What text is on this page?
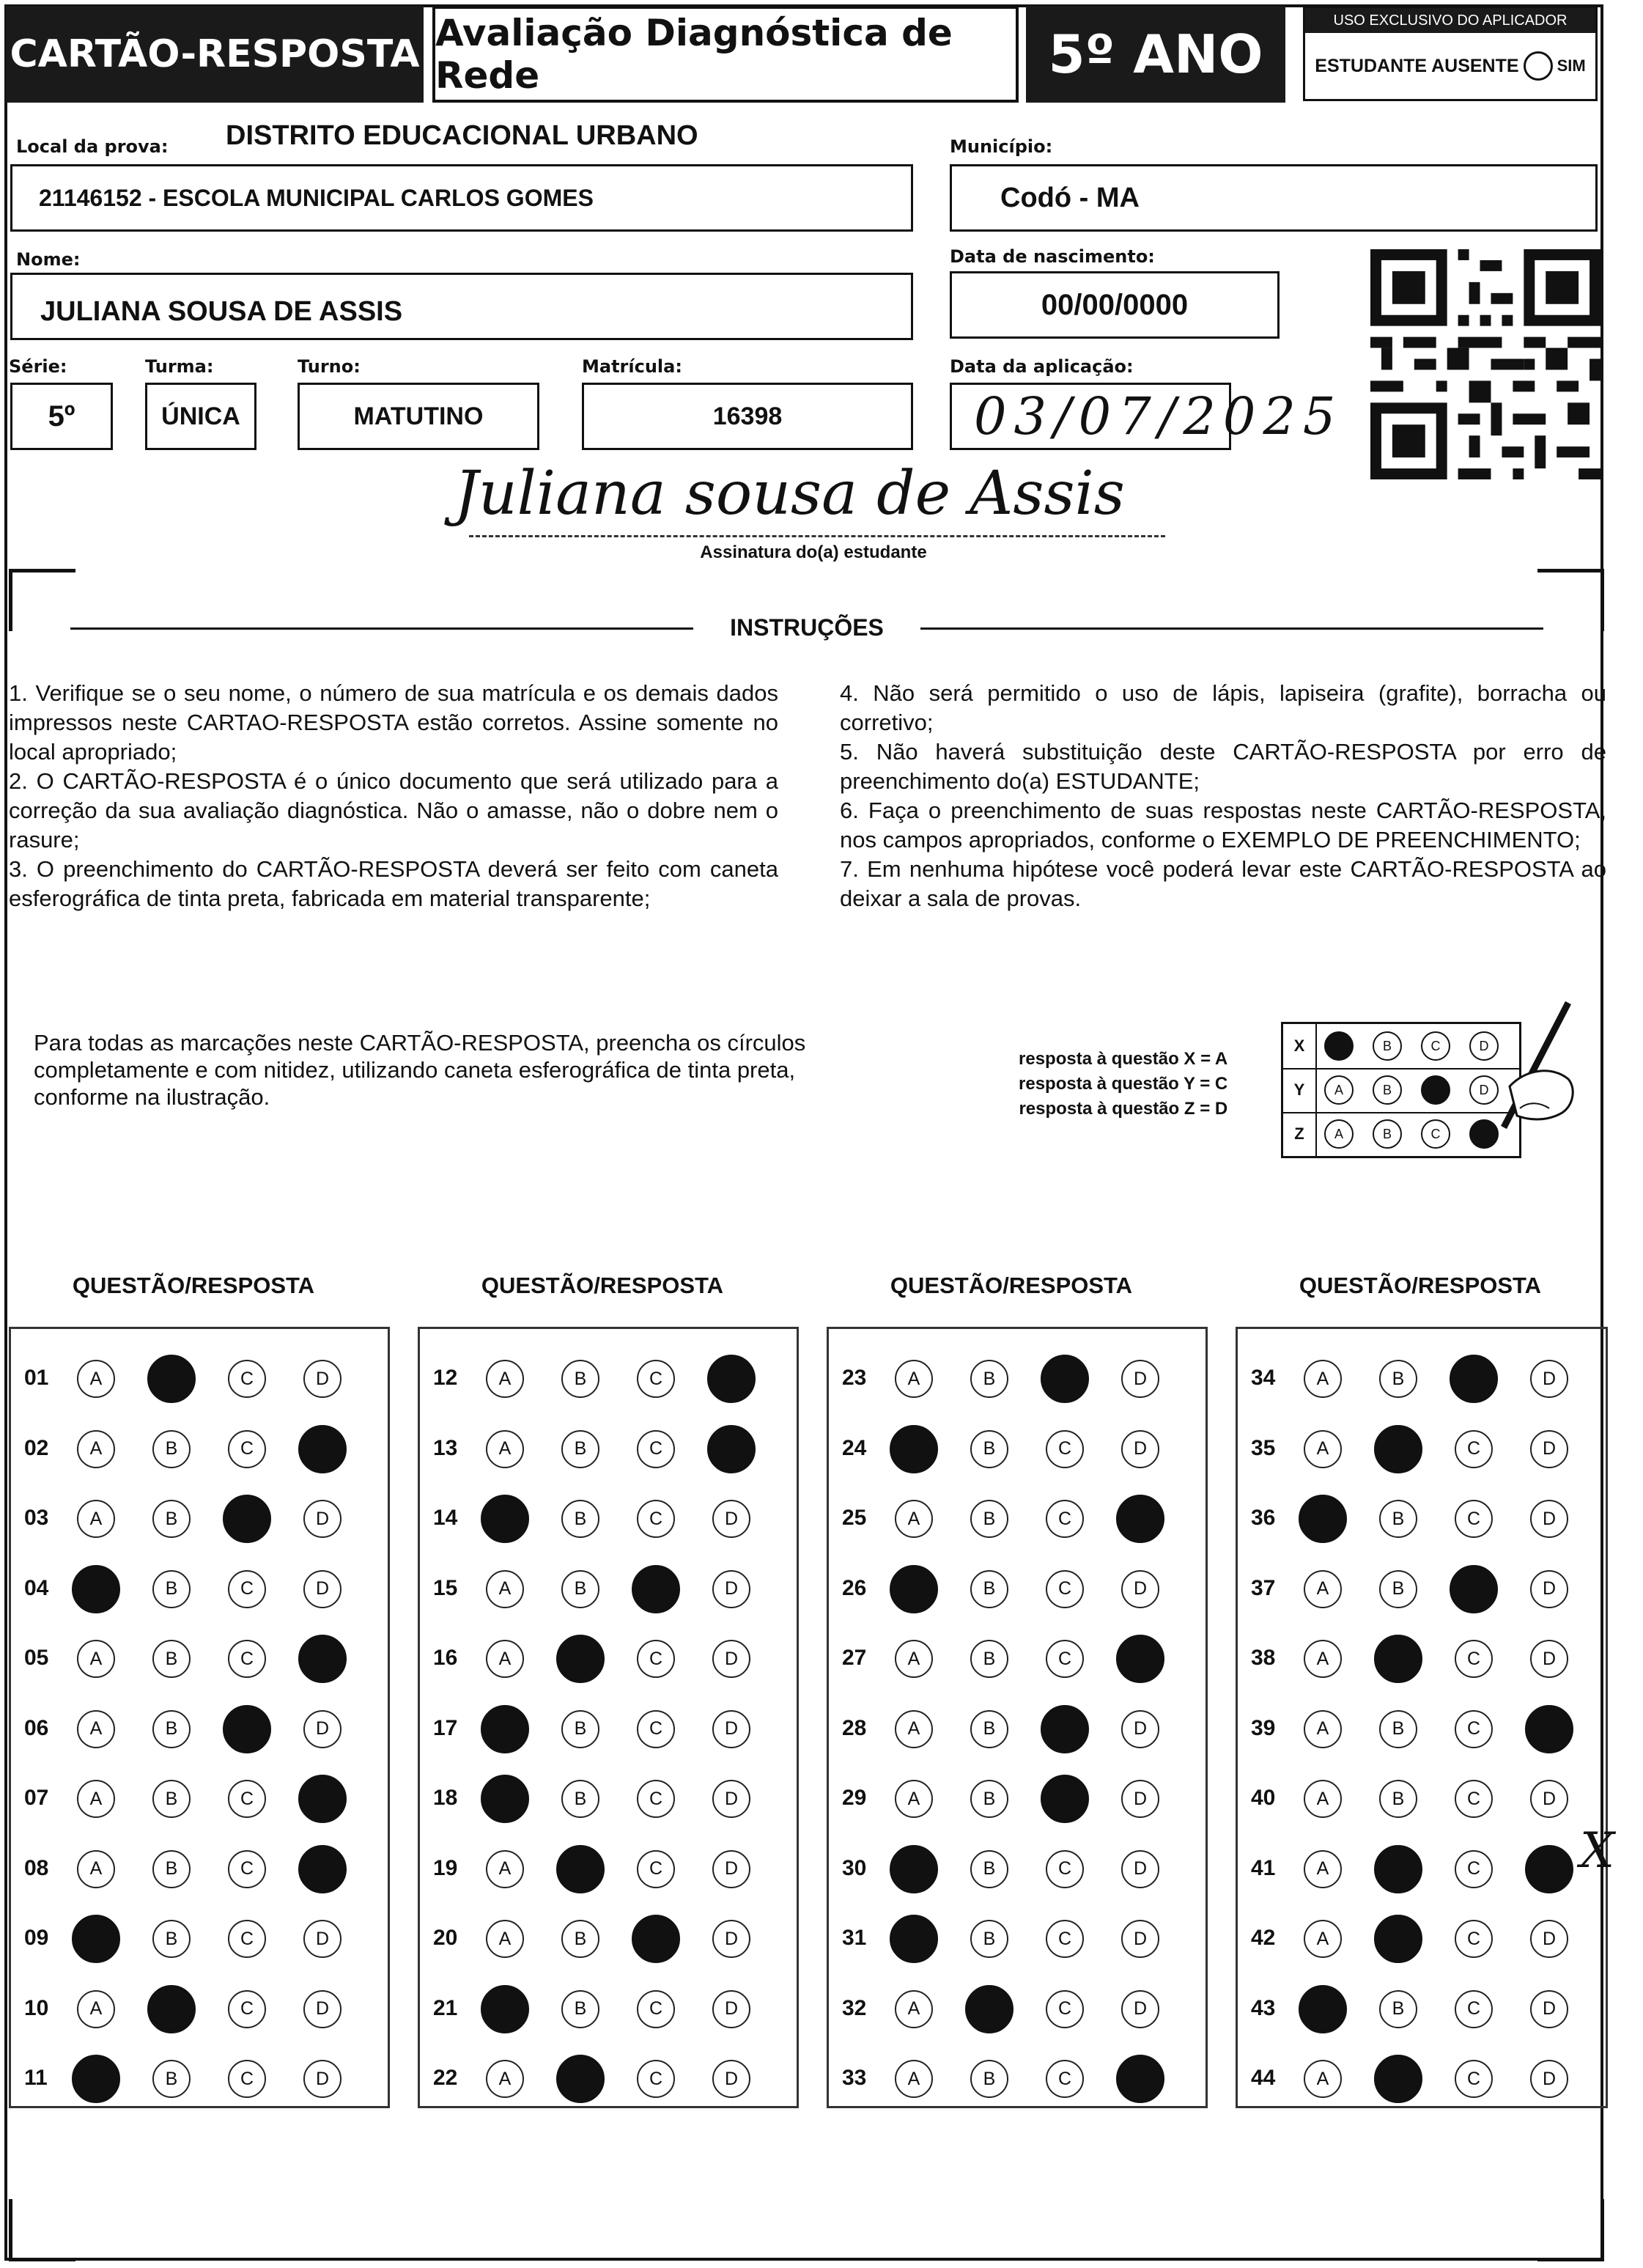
CARTÃO-RESPOSTA Avaliação Diagnóstica de Rede	5º ANO
USO EXCLUSIVO DO APLICADOR
ESTUDANTE AUSENTE SIM
Local da prova: DISTRITO EDUCACIONAL URBANO
21146152 - ESCOLA MUNICIPAL CARLOS GOMES
Município:
Codó - MA
Nome:
JULIANA SOUSA DE ASSIS
Data de nascimento:
00/00/0000
Série:
5º
Turma:
ÚNICA
Turno:
MATUTINO
Matrícula:
16398
Data da aplicação:
03/07/2025
Juliana sousa de Assis
Assinatura do(a) estudante
INSTRUÇÕES

1. Verifique se o seu nome, o número de sua matrícula e os demais dados impressos neste CARTAO-RESPOSTA estão corretos. Assine somente no local apropriado;

2. O CARTÃO-RESPOSTA é o único documento que será utilizado para a correção da sua avaliação diagnóstica. Não o amasse, não o dobre nem o rasure;

3. O preenchimento do CARTÃO-RESPOSTA deverá ser feito com caneta esferográfica de tinta preta, fabricada em material transparente;

4. Não será permitido o uso de lápis, lapiseira (grafite), borracha ou corretivo;

5. Não haverá substituição deste CARTÃO-RESPOSTA por erro de preenchimento do(a) ESTUDANTE;

6. Faça o preenchimento de suas respostas neste CARTÃO-RESPOSTA, nos campos apropriados, conforme o EXEMPLO DE PREENCHIMENTO;

7. Em nenhuma hipótese você poderá levar este CARTÃO-RESPOSTA ao deixar a sala de provas.

Para todas as marcações neste CARTÃO-RESPOSTA, preencha os círculos completamente e com nitidez, utilizando caneta esferográfica de tinta preta, conforme na ilustração.
resposta à questão X = A
resposta à questão Y = C
resposta à questão Z = D
X	B	C	D
Y	A	B	D
Z	A	B	C
QUESTÃO/RESPOSTA	QUESTÃO/RESPOSTA	QUESTÃO/RESPOSTA	QUESTÃO/RESPOSTA
01	A	C	D
02	A	B	C
03	A	B	D
04	B	C	D
05	A	B	C
06	A	B	D
07	A	B	C
08	A	B	C
09	B	C	D
10	A	C	D
11	B	C	D
12	A	B	C
13	A	B	C
14	B	C	D
15	A	B	D
16	A	C	D
17	B	C	D
18	B	C	D
19	A	C	D
20	A	B	D
21	B	C	D
22	A	C	D
23	A	B	D
24	B	C	D
25	A	B	C
26	B	C	D
27	A	B	C
28	A	B	D
29	A	B	D
30	B	C	D
31	B	C	D
32	A	C	D
33	A	B	C
34	A	B	D
35	A	C	D
36	B	C	D
37	A	B	D
38	A	C	D
39	A	B	C
40	A	B	C	D
41	A	C
42	A	C	D
43	B	C	D
44	A	C	D
X
